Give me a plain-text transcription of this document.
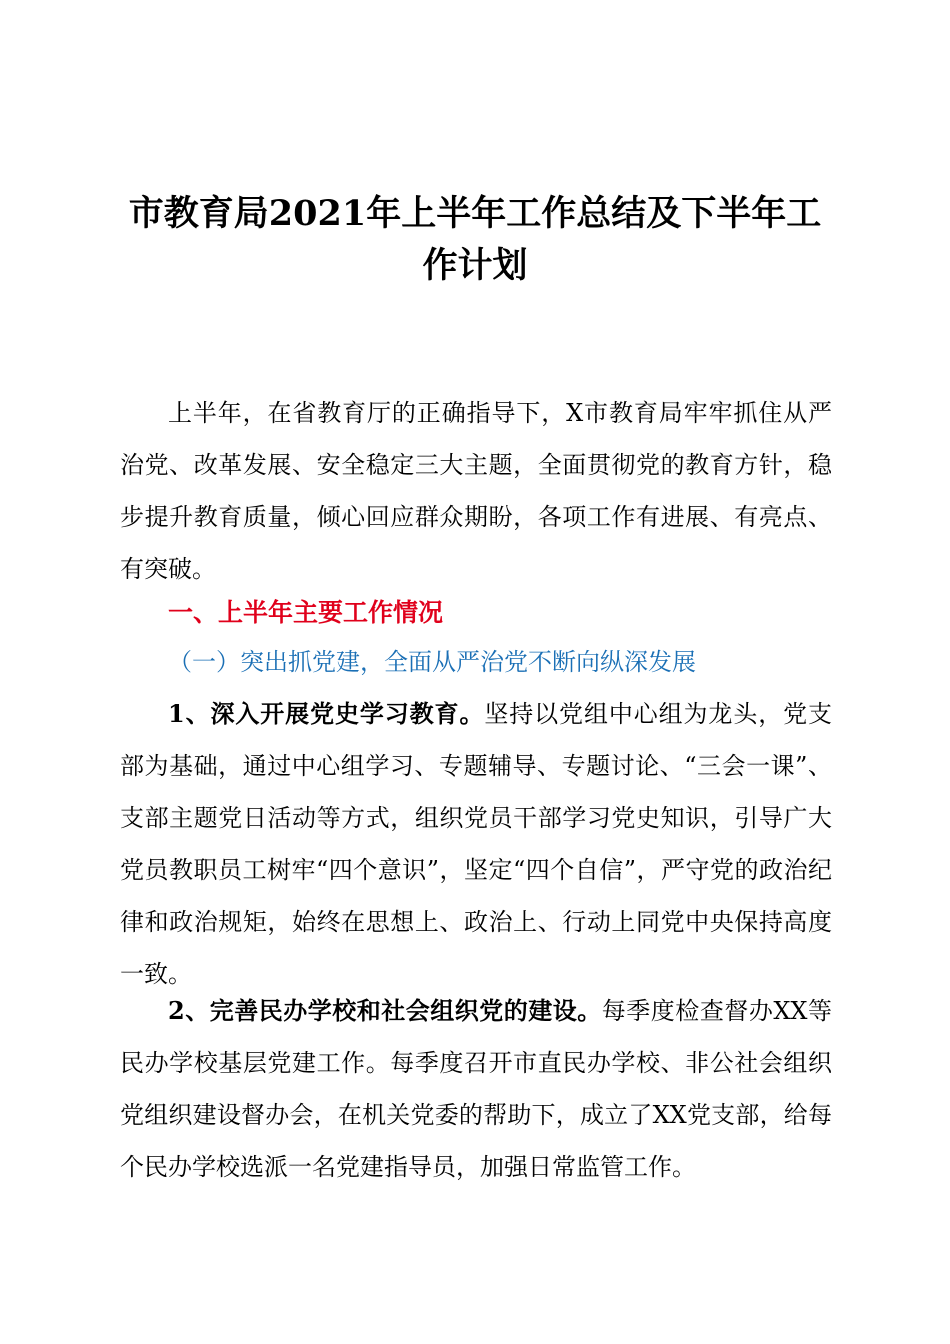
市教育局2021年上半年工作总结及下半年工
作计划

上半年，在省教育厅的正确指导下，X市教育局牢牢抓住从严治党、改革发展、安全稳定三大主题，全面贯彻党的教育方针，稳步提升教育质量，倾心回应群众期盼，各项工作有进展、有亮点、有突破。

一、上半年主要工作情况

（一）突出抓党建，全面从严治党不断向纵深发展

1、深入开展党史学习教育。坚持以党组中心组为龙头，党支部为基础，通过中心组学习、专题辅导、专题讨论、“三会一课”、支部主题党日活动等方式，组织党员干部学习党史知识，引导广大党员教职员工树牢“四个意识”，坚定“四个自信”，严守党的政治纪律和政治规矩，始终在思想上、政治上、行动上同党中央保持高度一致。

2、完善民办学校和社会组织党的建设。每季度检查督办XX等民办学校基层党建工作。每季度召开市直民办学校、非公社会组织党组织建设督办会，在机关党委的帮助下，成立了XX党支部，给每个民办学校选派一名党建指导员，加强日常监管工作。
